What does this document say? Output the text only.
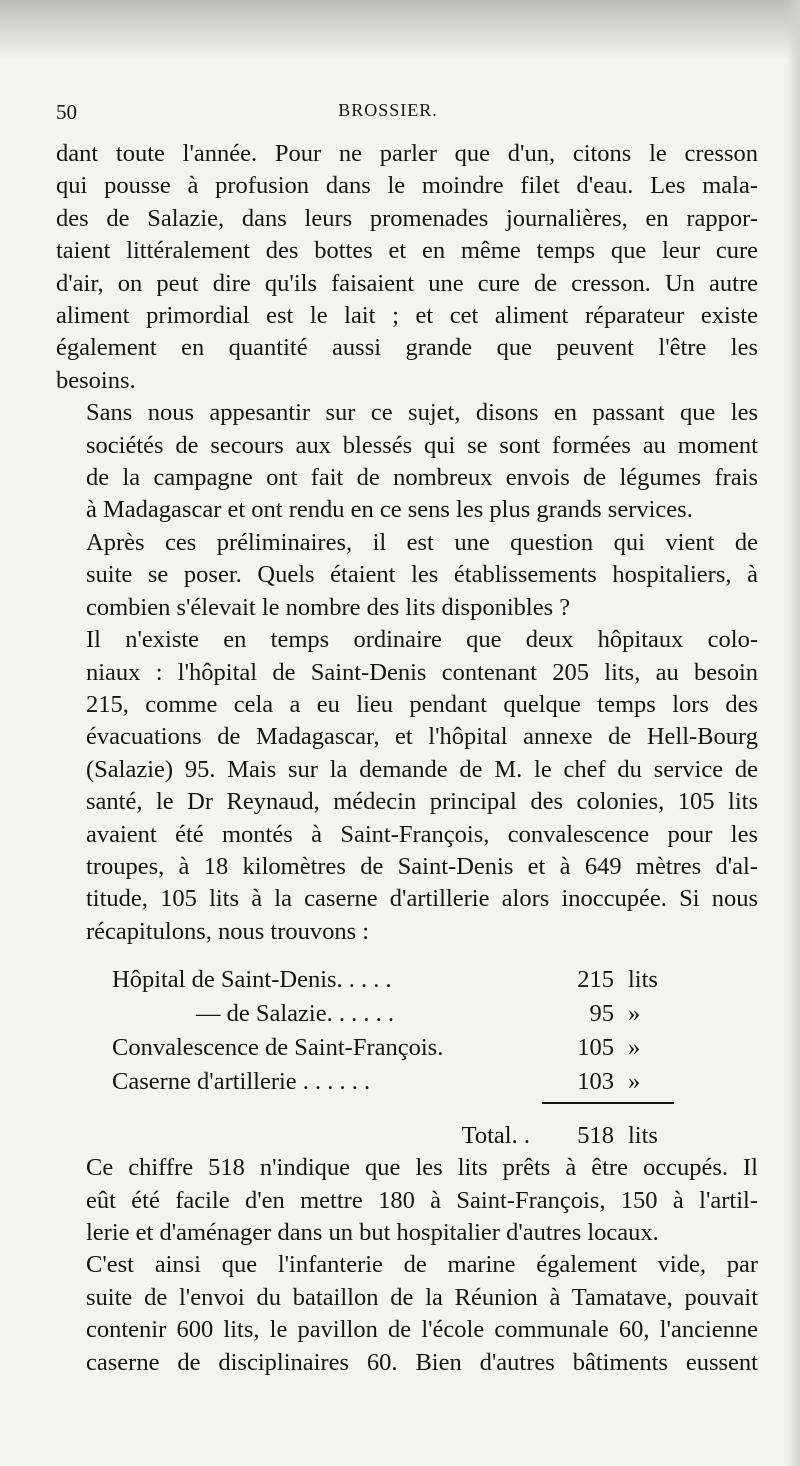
50	BROSSIER.

dant toute l'année. Pour ne parler que d'un, citons le cresson
qui pousse à profusion dans le moindre filet d'eau. Les mala-
des de Salazie, dans leurs promenades journalières, en rappor-
taient littéralement des bottes et en même temps que leur cure
d'air, on peut dire qu'ils faisaient une cure de cresson. Un autre
aliment primordial est le lait ; et cet aliment réparateur existe
également en quantité aussi grande que peuvent l'être les
besoins.

Sans nous appesantir sur ce sujet, disons en passant que les
sociétés de secours aux blessés qui se sont formées au moment
de la campagne ont fait de nombreux envois de légumes frais
à Madagascar et ont rendu en ce sens les plus grands services.

Après ces préliminaires, il est une question qui vient de
suite se poser. Quels étaient les établissements hospitaliers, à
combien s'élevait le nombre des lits disponibles ?

Il n'existe en temps ordinaire que deux hôpitaux colo-
niaux : l'hôpital de Saint-Denis contenant 205 lits, au besoin
215, comme cela a eu lieu pendant quelque temps lors des
évacuations de Madagascar, et l'hôpital annexe de Hell-Bourg
(Salazie) 95. Mais sur la demande de M. le chef du service de
santé, le Dr Reynaud, médecin principal des colonies, 105 lits
avaient été montés à Saint-François, convalescence pour les
troupes, à 18 kilomètres de Saint-Denis et à 649 mètres d'al-
titude, 105 lits à la caserne d'artillerie alors inoccupée. Si nous
récapitulons, nous trouvons :

Hôpital de Saint-Denis. . . . .	215	lits
— de Salazie. . . . . .	95	»
Convalescence de Saint-François.	105	»
Caserne d'artillerie . . . . . .	103	»

Total. .	518	lits

Ce chiffre 518 n'indique que les lits prêts à être occupés. Il
eût été facile d'en mettre 180 à Saint-François, 150 à l'artil-
lerie et d'aménager dans un but hospitalier d'autres locaux.

C'est ainsi que l'infanterie de marine également vide, par
suite de l'envoi du bataillon de la Réunion à Tamatave, pouvait
contenir 600 lits, le pavillon de l'école communale 60, l'ancienne
caserne de disciplinaires 60. Bien d'autres bâtiments eussent
